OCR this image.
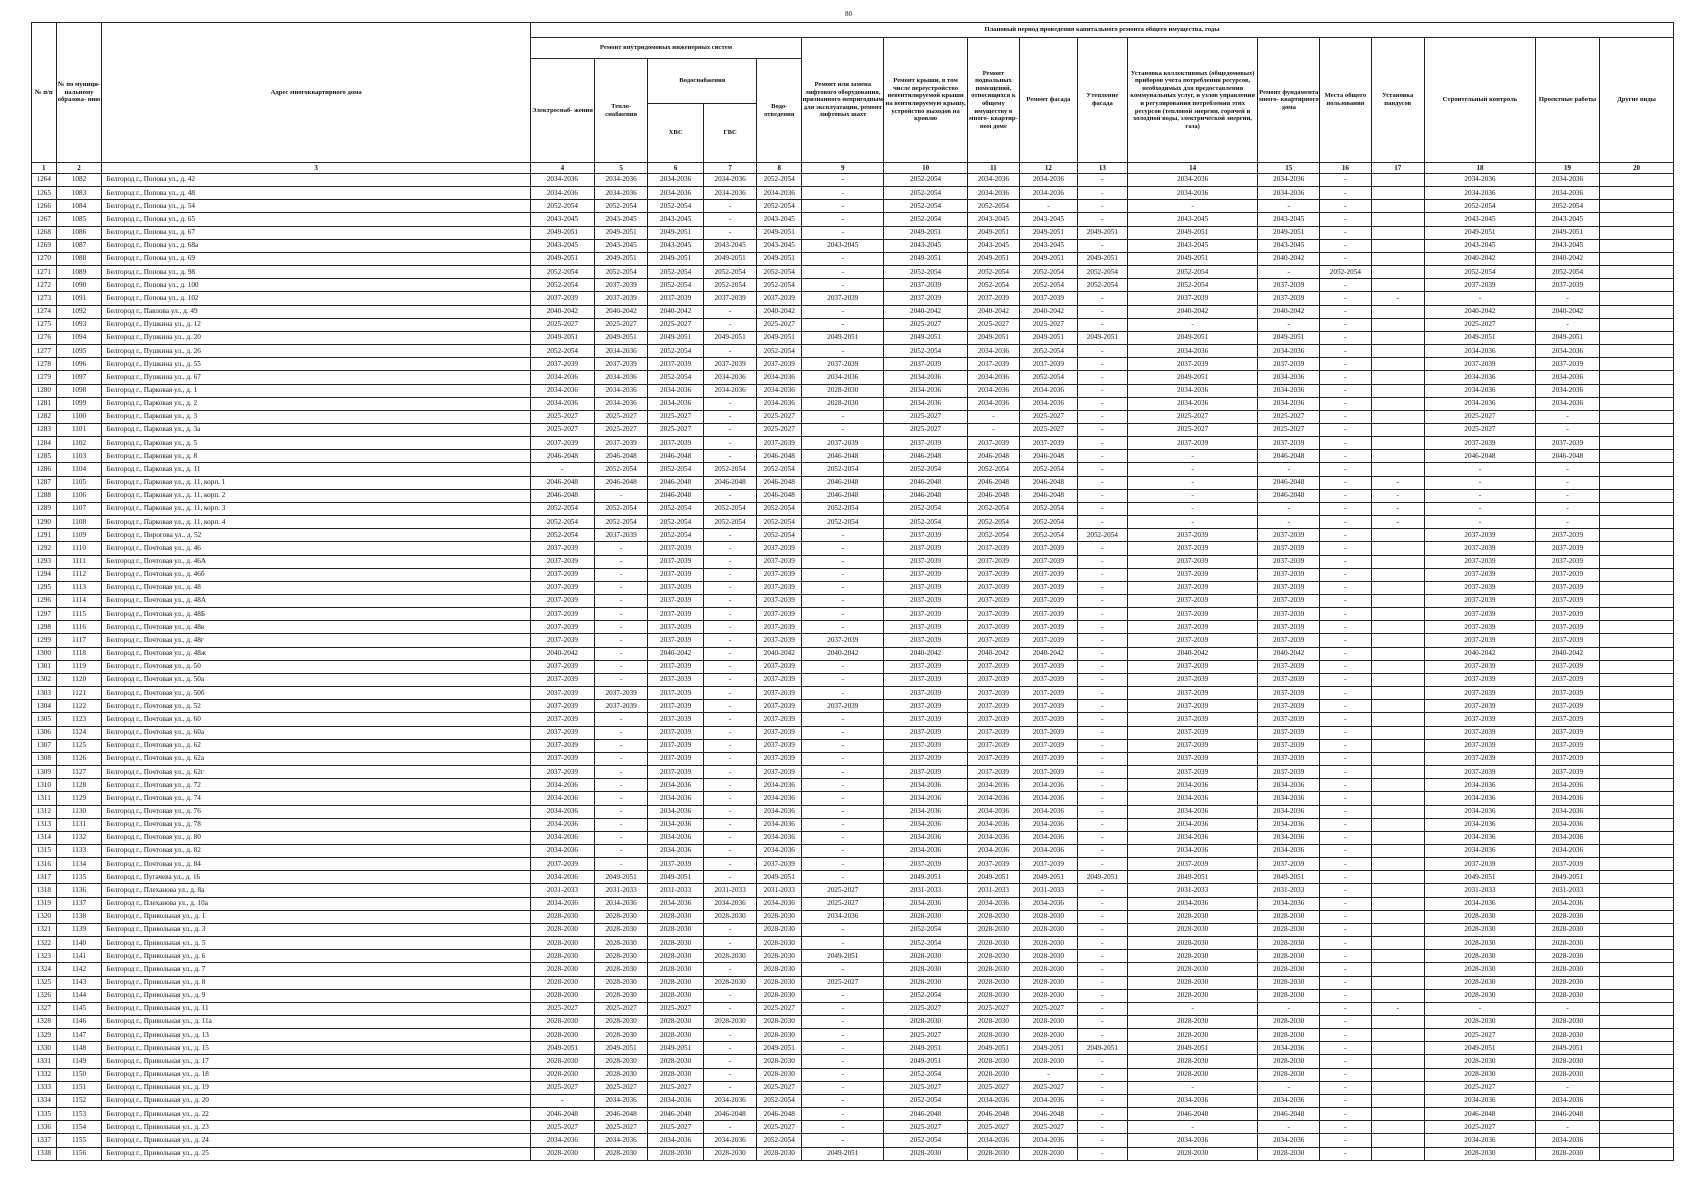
80
№ п/п	№ по муници- пальному образова- нию	Адрес многоквартирного дома	Плановый период проведения капитального ремонта общего имущества, годы																
			Ремонт внутридомовых инженерных систем					Ремонт или замена лифтового оборудования, признанного непригодным для эксплуатации, ремонт лифтовых шахт	Ремонт крыши, в том числе переустройство невентилируемой крыши на вентилируемую крышу, устройство выходов на кровлю	Ремонт подвальных помещений, относящихся к общему имуществу в много- квартир- ном доме	Ремонт фасада	Утепление фасада	Установка коллективных (общедомовых) приборов учета потребления ресурсов, необходимых для предоставления коммунальных услуг, и узлов управления и регулирования потребления этих ресурсов (тепловой энергии, горячей и холодной воды, электрической энергии, газа)	Ремонт фундамента много- квартирного дома	Места общего пользования	Установка пандусов	Строительный контроль	Проектные работы	Другие виды
			Электроснаб- жения	Тепло- снабжения	Водоснабжения		Водо- отведения												
					ХВС	ГВС													
1	2	3	4	5	6	7	8	9	10	11	12	13	14	15	16	17	18	19	20
1264	1082	Белгород г., Попова ул., д. 42	2034-2036	2034-2036	2034-2036	2034-2036	2052-2054	-	2052-2054	2034-2036	2034-2036	-	2034-2036	2034-2036	-		2034-2036	2034-2036	
1265	1083	Белгород г., Попова ул., д. 48	2034-2036	2034-2036	2034-2036	2034-2036	2034-2036	-	2052-2054	2034-2036	2034-2036	-	2034-2036	2034-2036	-		2034-2036	2034-2036	
1266	1084	Белгород г., Попова ул., д. 54	2052-2054	2052-2054	2052-2054	-	2052-2054	-	2052-2054	2052-2054	-	-	-	-	-		2052-2054	2052-2054	
1267	1085	Белгород г., Попова ул., д. 65	2043-2045	2043-2045	2043-2045	-	2043-2045	-	2052-2054	2043-2045	2043-2045	-	2043-2045	2043-2045	-		2043-2045	2043-2045	
1268	1086	Белгород г., Попова ул., д. 67	2049-2051	2049-2051	2049-2051	-	2049-2051	-	2049-2051	2049-2051	2049-2051	2049-2051	2049-2051	2049-2051	-		2049-2051	2049-2051	
1269	1087	Белгород г., Попова ул., д. 68а	2043-2045	2043-2045	2043-2045	2043-2045	2043-2045	2043-2045	2043-2045	2043-2045	2043-2045	-	2043-2045	2043-2045	-		2043-2045	2043-2045	
1270	1088	Белгород г., Попова ул., д. 69	2049-2051	2049-2051	2049-2051	2049-2051	2049-2051	-	2049-2051	2049-2051	2049-2051	2049-2051	2049-2051	2040-2042	-		2040-2042	2040-2042	
1271	1089	Белгород г., Попова ул., д. 98	2052-2054	2052-2054	2052-2054	2052-2054	2052-2054	-	2052-2054	2052-2054	2052-2054	2052-2054	2052-2054	-	2052-2054		2052-2054	2052-2054	
1272	1090	Белгород г., Попова ул., д. 100	2052-2054	2037-2039	2052-2054	2052-2054	2052-2054	-	2037-2039	2052-2054	2052-2054	2052-2054	2052-2054	2037-2039	-		2037-2039	2037-2039	
1273	1091	Белгород г., Попова ул., д. 102	2037-2039	2037-2039	2037-2039	2037-2039	2037-2039	2037-2039	2037-2039	2037-2039	2037-2039	-	2037-2039	2037-2039	-	-	-	-	
1274	1092	Белгород г., Павлова ул., д. 49	2040-2042	2040-2042	2040-2042	-	2040-2042	-	2040-2042	2040-2042	2040-2042	-	2040-2042	2040-2042	-		2040-2042	2040-2042	
1275	1093	Белгород г., Пушкина ул., д. 12	2025-2027	2025-2027	2025-2027	-	2025-2027	-	2025-2027	2025-2027	2025-2027	-	-	-	-		2025-2027	-	
1276	1094	Белгород г., Пушкина ул., д. 20	2049-2051	2049-2051	2049-2051	2049-2051	2049-2051	2049-2051	2049-2051	2049-2051	2049-2051	2049-2051	2049-2051	2049-2051	-		2049-2051	2049-2051	
1277	1095	Белгород г., Пушкина ул., д. 26	2052-2054	2034-2036	2052-2054	-	2052-2054	-	2052-2054	2034-2036	2052-2054	-	2034-2036	2034-2036	-		2034-2036	2034-2036	
1278	1096	Белгород г., Пушкина ул., д. 55	2037-2039	2037-2039	2037-2039	2037-2039	2037-2039	2037-2039	2037-2039	2037-2039	2037-2039	-	2037-2039	2037-2039	-		2037-2039	2037-2039	
1279	1097	Белгород г., Пушкина ул., д. 67	2034-2036	2034-2036	2052-2054	2034-2036	2034-2036	2034-2036	2034-2036	2034-2036	2052-2054	-	2049-2051	2034-2036	-		2034-2036	2034-2036	
1280	1098	Белгород г., Парковая ул., д. 1	2034-2036	2034-2036	2034-2036	2034-2036	2034-2036	2028-2030	2034-2036	2034-2036	2034-2036	-	2034-2036	2034-2036	-		2034-2036	2034-2036	
1281	1099	Белгород г., Парковая ул., д. 2	2034-2036	2034-2036	2034-2036	-	2034-2036	2028-2030	2034-2036	2034-2036	2034-2036	-	2034-2036	2034-2036	-		2034-2036	2034-2036	
1282	1100	Белгород г., Парковая ул., д. 3	2025-2027	2025-2027	2025-2027	-	2025-2027	-	2025-2027	-	2025-2027	-	2025-2027	2025-2027	-		2025-2027	-	
1283	1101	Белгород г., Парковая ул., д. 3а	2025-2027	2025-2027	2025-2027	-	2025-2027	-	2025-2027	-	2025-2027	-	2025-2027	2025-2027	-		2025-2027	-	
1284	1102	Белгород г., Парковая ул., д. 5	2037-2039	2037-2039	2037-2039	-	2037-2039	2037-2039	2037-2039	2037-2039	2037-2039	-	2037-2039	2037-2039	-		2037-2039	2037-2039	
1285	1103	Белгород г., Парковая ул., д. 8	2046-2048	2046-2048	2046-2048	-	2046-2048	2046-2048	2046-2048	2046-2048	2046-2048	-	-	2046-2048	-		2046-2048	2046-2048	
1286	1104	Белгород г., Парковая ул., д. 11	-	2052-2054	2052-2054	2052-2054	2052-2054	2052-2054	2052-2054	2052-2054	2052-2054	-	-	-	-		-	-	
1287	1105	Белгород г., Парковая ул., д. 11, корп. 1	2046-2048	2046-2048	2046-2048	2046-2048	2046-2048	2046-2048	2046-2048	2046-2048	2046-2048	-	-	2046-2048	-	-	-	-	
1288	1106	Белгород г., Парковая ул., д. 11, корп. 2	2046-2048	-	2046-2048	-	2046-2048	2046-2048	2046-2048	2046-2048	2046-2048	-	-	2046-2048	-	-	-	-	
1289	1107	Белгород г., Парковая ул., д. 11, корп. 3	2052-2054	2052-2054	2052-2054	2052-2054	2052-2054	2052-2054	2052-2054	2052-2054	2052-2054	-	-	-	-	-	-	-	
1290	1108	Белгород г., Парковая ул., д. 11, корп. 4	2052-2054	2052-2054	2052-2054	2052-2054	2052-2054	2052-2054	2052-2054	2052-2054	2052-2054	-	-	-	-	-	-	-	
1291	1109	Белгород г., Пирогова ул., д. 52	2052-2054	2037-2039	2052-2054	-	2052-2054	-	2037-2039	2052-2054	2052-2054	2052-2054	2037-2039	2037-2039	-		2037-2039	2037-2039	
1292	1110	Белгород г., Почтовая ул., д. 46	2037-2039	-	2037-2039	-	2037-2039	-	2037-2039	2037-2039	2037-2039	-	2037-2039	2037-2039	-		2037-2039	2037-2039	
1293	1111	Белгород г., Почтовая ул., д. 46А	2037-2039	-	2037-2039	-	2037-2039	-	2037-2039	2037-2039	2037-2039	-	2037-2039	2037-2039	-		2037-2039	2037-2039	
1294	1112	Белгород г., Почтовая ул., д. 46б	2037-2039	-	2037-2039	-	2037-2039	-	2037-2039	2037-2039	2037-2039	-	2037-2039	2037-2039	-		2037-2039	2037-2039	
1295	1113	Белгород г., Почтовая ул., д. 48	2037-2039	-	2037-2039	-	2037-2039	-	2037-2039	2037-2039	2037-2039	-	2037-2039	2037-2039	-		2037-2039	2037-2039	
1296	1114	Белгород г., Почтовая ул., д. 48А	2037-2039	-	2037-2039	-	2037-2039	-	2037-2039	2037-2039	2037-2039	-	2037-2039	2037-2039	-		2037-2039	2037-2039	
1297	1115	Белгород г., Почтовая ул., д. 48Б	2037-2039	-	2037-2039	-	2037-2039	-	2037-2039	2037-2039	2037-2039	-	2037-2039	2037-2039	-		2037-2039	2037-2039	
1298	1116	Белгород г., Почтовая ул., д. 48в	2037-2039	-	2037-2039	-	2037-2039	-	2037-2039	2037-2039	2037-2039	-	2037-2039	2037-2039	-		2037-2039	2037-2039	
1299	1117	Белгород г., Почтовая ул., д. 48г	2037-2039	-	2037-2039	-	2037-2039	2037-2039	2037-2039	2037-2039	2037-2039	-	2037-2039	2037-2039	-		2037-2039	2037-2039	
1300	1118	Белгород г., Почтовая ул., д. 48ж	2040-2042	-	2040-2042	-	2040-2042	2040-2042	2040-2042	2040-2042	2040-2042	-	2040-2042	2040-2042	-		2040-2042	2040-2042	
1301	1119	Белгород г., Почтовая ул., д. 50	2037-2039	-	2037-2039	-	2037-2039	-	2037-2039	2037-2039	2037-2039	-	2037-2039	2037-2039	-		2037-2039	2037-2039	
1302	1120	Белгород г., Почтовая ул., д. 50а	2037-2039	-	2037-2039	-	2037-2039	-	2037-2039	2037-2039	2037-2039	-	2037-2039	2037-2039	-		2037-2039	2037-2039	
1303	1121	Белгород г., Почтовая ул., д. 50б	2037-2039	2037-2039	2037-2039	-	2037-2039	-	2037-2039	2037-2039	2037-2039	-	2037-2039	2037-2039	-		2037-2039	2037-2039	
1304	1122	Белгород г., Почтовая ул., д. 52	2037-2039	2037-2039	2037-2039	-	2037-2039	2037-2039	2037-2039	2037-2039	2037-2039	-	2037-2039	2037-2039	-		2037-2039	2037-2039	
1305	1123	Белгород г., Почтовая ул., д. 60	2037-2039	-	2037-2039	-	2037-2039	-	2037-2039	2037-2039	2037-2039	-	2037-2039	2037-2039	-		2037-2039	2037-2039	
1306	1124	Белгород г., Почтовая ул., д. 60а	2037-2039	-	2037-2039	-	2037-2039	-	2037-2039	2037-2039	2037-2039	-	2037-2039	2037-2039	-		2037-2039	2037-2039	
1307	1125	Белгород г., Почтовая ул., д. 62	2037-2039	-	2037-2039	-	2037-2039	-	2037-2039	2037-2039	2037-2039	-	2037-2039	2037-2039	-		2037-2039	2037-2039	
1308	1126	Белгород г., Почтовая ул., д. 62а	2037-2039	-	2037-2039	-	2037-2039	-	2037-2039	2037-2039	2037-2039	-	2037-2039	2037-2039	-		2037-2039	2037-2039	
1309	1127	Белгород г., Почтовая ул., д. 62г	2037-2039	-	2037-2039	-	2037-2039	-	2037-2039	2037-2039	2037-2039	-	2037-2039	2037-2039	-		2037-2039	2037-2039	
1310	1128	Белгород г., Почтовая ул., д. 72	2034-2036	-	2034-2036	-	2034-2036	-	2034-2036	2034-2036	2034-2036	-	2034-2036	2034-2036	-		2034-2036	2034-2036	
1311	1129	Белгород г., Почтовая ул., д. 74	2034-2036	-	2034-2036	-	2034-2036	-	2034-2036	2034-2036	2034-2036	-	2034-2036	2034-2036	-		2034-2036	2034-2036	
1312	1130	Белгород г., Почтовая ул., д. 76	2034-2036	-	2034-2036	-	2034-2036	-	2034-2036	2034-2036	2034-2036	-	2034-2036	2034-2036	-		2034-2036	2034-2036	
1313	1131	Белгород г., Почтовая ул., д. 78	2034-2036	-	2034-2036	-	2034-2036	-	2034-2036	2034-2036	2034-2036	-	2034-2036	2034-2036	-		2034-2036	2034-2036	
1314	1132	Белгород г., Почтовая ул., д. 80	2034-2036	-	2034-2036	-	2034-2036	-	2034-2036	2034-2036	2034-2036	-	2034-2036	2034-2036	-		2034-2036	2034-2036	
1315	1133	Белгород г., Почтовая ул., д. 82	2034-2036	-	2034-2036	-	2034-2036	-	2034-2036	2034-2036	2034-2036	-	2034-2036	2034-2036	-		2034-2036	2034-2036	
1316	1134	Белгород г., Почтовая ул., д. 84	2037-2039	-	2037-2039	-	2037-2039	-	2037-2039	2037-2039	2037-2039	-	2037-2039	2037-2039	-		2037-2039	2037-2039	
1317	1135	Белгород г., Пугачева ул., д. 16	2034-2036	2049-2051	2049-2051	-	2049-2051	-	2049-2051	2049-2051	2049-2051	2049-2051	2049-2051	2049-2051	-		2049-2051	2049-2051	
1318	1136	Белгород г., Плеханова ул., д. 8а	2031-2033	2031-2033	2031-2033	2031-2033	2031-2033	2025-2027	2031-2033	2031-2033	2031-2033	-	2031-2033	2031-2033	-		2031-2033	2031-2033	
1319	1137	Белгород г., Плеханова ул., д. 10а	2034-2036	2034-2036	2034-2036	2034-2036	2034-2036	2025-2027	2034-2036	2034-2036	2034-2036	-	2034-2036	2034-2036	-		2034-2036	2034-2036	
1320	1138	Белгород г., Привольная ул., д. 1	2028-2030	2028-2030	2028-2030	2028-2030	2028-2030	2034-2036	2028-2030	2028-2030	2028-2030	-	2028-2030	2028-2030	-		2028-2030	2028-2030	
1321	1139	Белгород г., Привольная ул., д. 3	2028-2030	2028-2030	2028-2030	-	2028-2030	-	2052-2054	2028-2030	2028-2030	-	2028-2030	2028-2030	-		2028-2030	2028-2030	
1322	1140	Белгород г., Привольная ул., д. 5	2028-2030	2028-2030	2028-2030	-	2028-2030	-	2052-2054	2028-2030	2028-2030	-	2028-2030	2028-2030	-		2028-2030	2028-2030	
1323	1141	Белгород г., Привольная ул., д. 6	2028-2030	2028-2030	2028-2030	2028-2030	2028-2030	2049-2051	2028-2030	2028-2030	2028-2030	-	2028-2030	2028-2030	-		2028-2030	2028-2030	
1324	1142	Белгород г., Привольная ул., д. 7	2028-2030	2028-2030	2028-2030	-	2028-2030	-	2028-2030	2028-2030	2028-2030	-	2028-2030	2028-2030	-		2028-2030	2028-2030	
1325	1143	Белгород г., Привольная ул., д. 8	2028-2030	2028-2030	2028-2030	2028-2030	2028-2030	2025-2027	2028-2030	2028-2030	2028-2030	-	2028-2030	2028-2030	-		2028-2030	2028-2030	
1326	1144	Белгород г., Привольная ул., д. 9	2028-2030	2028-2030	2028-2030	-	2028-2030	-	2052-2054	2028-2030	2028-2030	-	2028-2030	2028-2030	-		2028-2030	2028-2030	
1327	1145	Белгород г., Привольная ул., д. 11	2025-2027	2025-2027	2025-2027	-	2025-2027	-	2025-2027	2025-2027	2025-2027	-	-	-	-	-	-	-	
1328	1146	Белгород г., Привольная ул., д. 11а	2028-2030	2028-2030	2028-2030	2028-2030	2028-2030	-	2028-2030	2028-2030	2028-2030	-	2028-2030	2028-2030	-		2028-2030	2028-2030	
1329	1147	Белгород г., Привольная ул., д. 13	2028-2030	2028-2030	2028-2030	-	2028-2030	-	2025-2027	2028-2030	2028-2030	-	2028-2030	2028-2030	-		2025-2027	2028-2030	
1330	1148	Белгород г., Привольная ул., д. 15	2049-2051	2049-2051	2049-2051	-	2049-2051	-	2049-2051	2049-2051	2049-2051	2049-2051	2049-2051	2034-2036	-		2049-2051	2049-2051	
1331	1149	Белгород г., Привольная ул., д. 17	2028-2030	2028-2030	2028-2030	-	2028-2030	-	2049-2051	2028-2030	2028-2030	-	2028-2030	2028-2030	-		2028-2030	2028-2030	
1332	1150	Белгород г., Привольная ул., д. 18	2028-2030	2028-2030	2028-2030	-	2028-2030	-	2052-2054	2028-2030	-	-	2028-2030	2028-2030	-		2028-2030	2028-2030	
1333	1151	Белгород г., Привольная ул., д. 19	2025-2027	2025-2027	2025-2027	-	2025-2027	-	2025-2027	2025-2027	2025-2027	-	-	-	-		2025-2027	-	
1334	1152	Белгород г., Привольная ул., д. 20	-	2034-2036	2034-2036	2034-2036	2052-2054	-	2052-2054	2034-2036	2034-2036	-	2034-2036	2034-2036	-		2034-2036	2034-2036	
1335	1153	Белгород г., Привольная ул., д. 22	2046-2048	2046-2048	2046-2048	2046-2048	2046-2048	-	2046-2048	2046-2048	2046-2048	-	2046-2048	2046-2048	-		2046-2048	2046-2048	
1336	1154	Белгород г., Привольная ул., д. 23	2025-2027	2025-2027	2025-2027	-	2025-2027	-	2025-2027	2025-2027	2025-2027	-	-	-	-		2025-2027	-	
1337	1155	Белгород г., Привольная ул., д. 24	2034-2036	2034-2036	2034-2036	2034-2036	2052-2054	-	2052-2054	2034-2036	2034-2036	-	2034-2036	2034-2036	-		2034-2036	2034-2036	
1338	1156	Белгород г., Привольная ул., д. 25	2028-2030	2028-2030	2028-2030	2028-2030	2028-2030	2049-2051	2028-2030	2028-2030	2028-2030	-	2028-2030	2028-2030	-		2028-2030	2028-2030	
